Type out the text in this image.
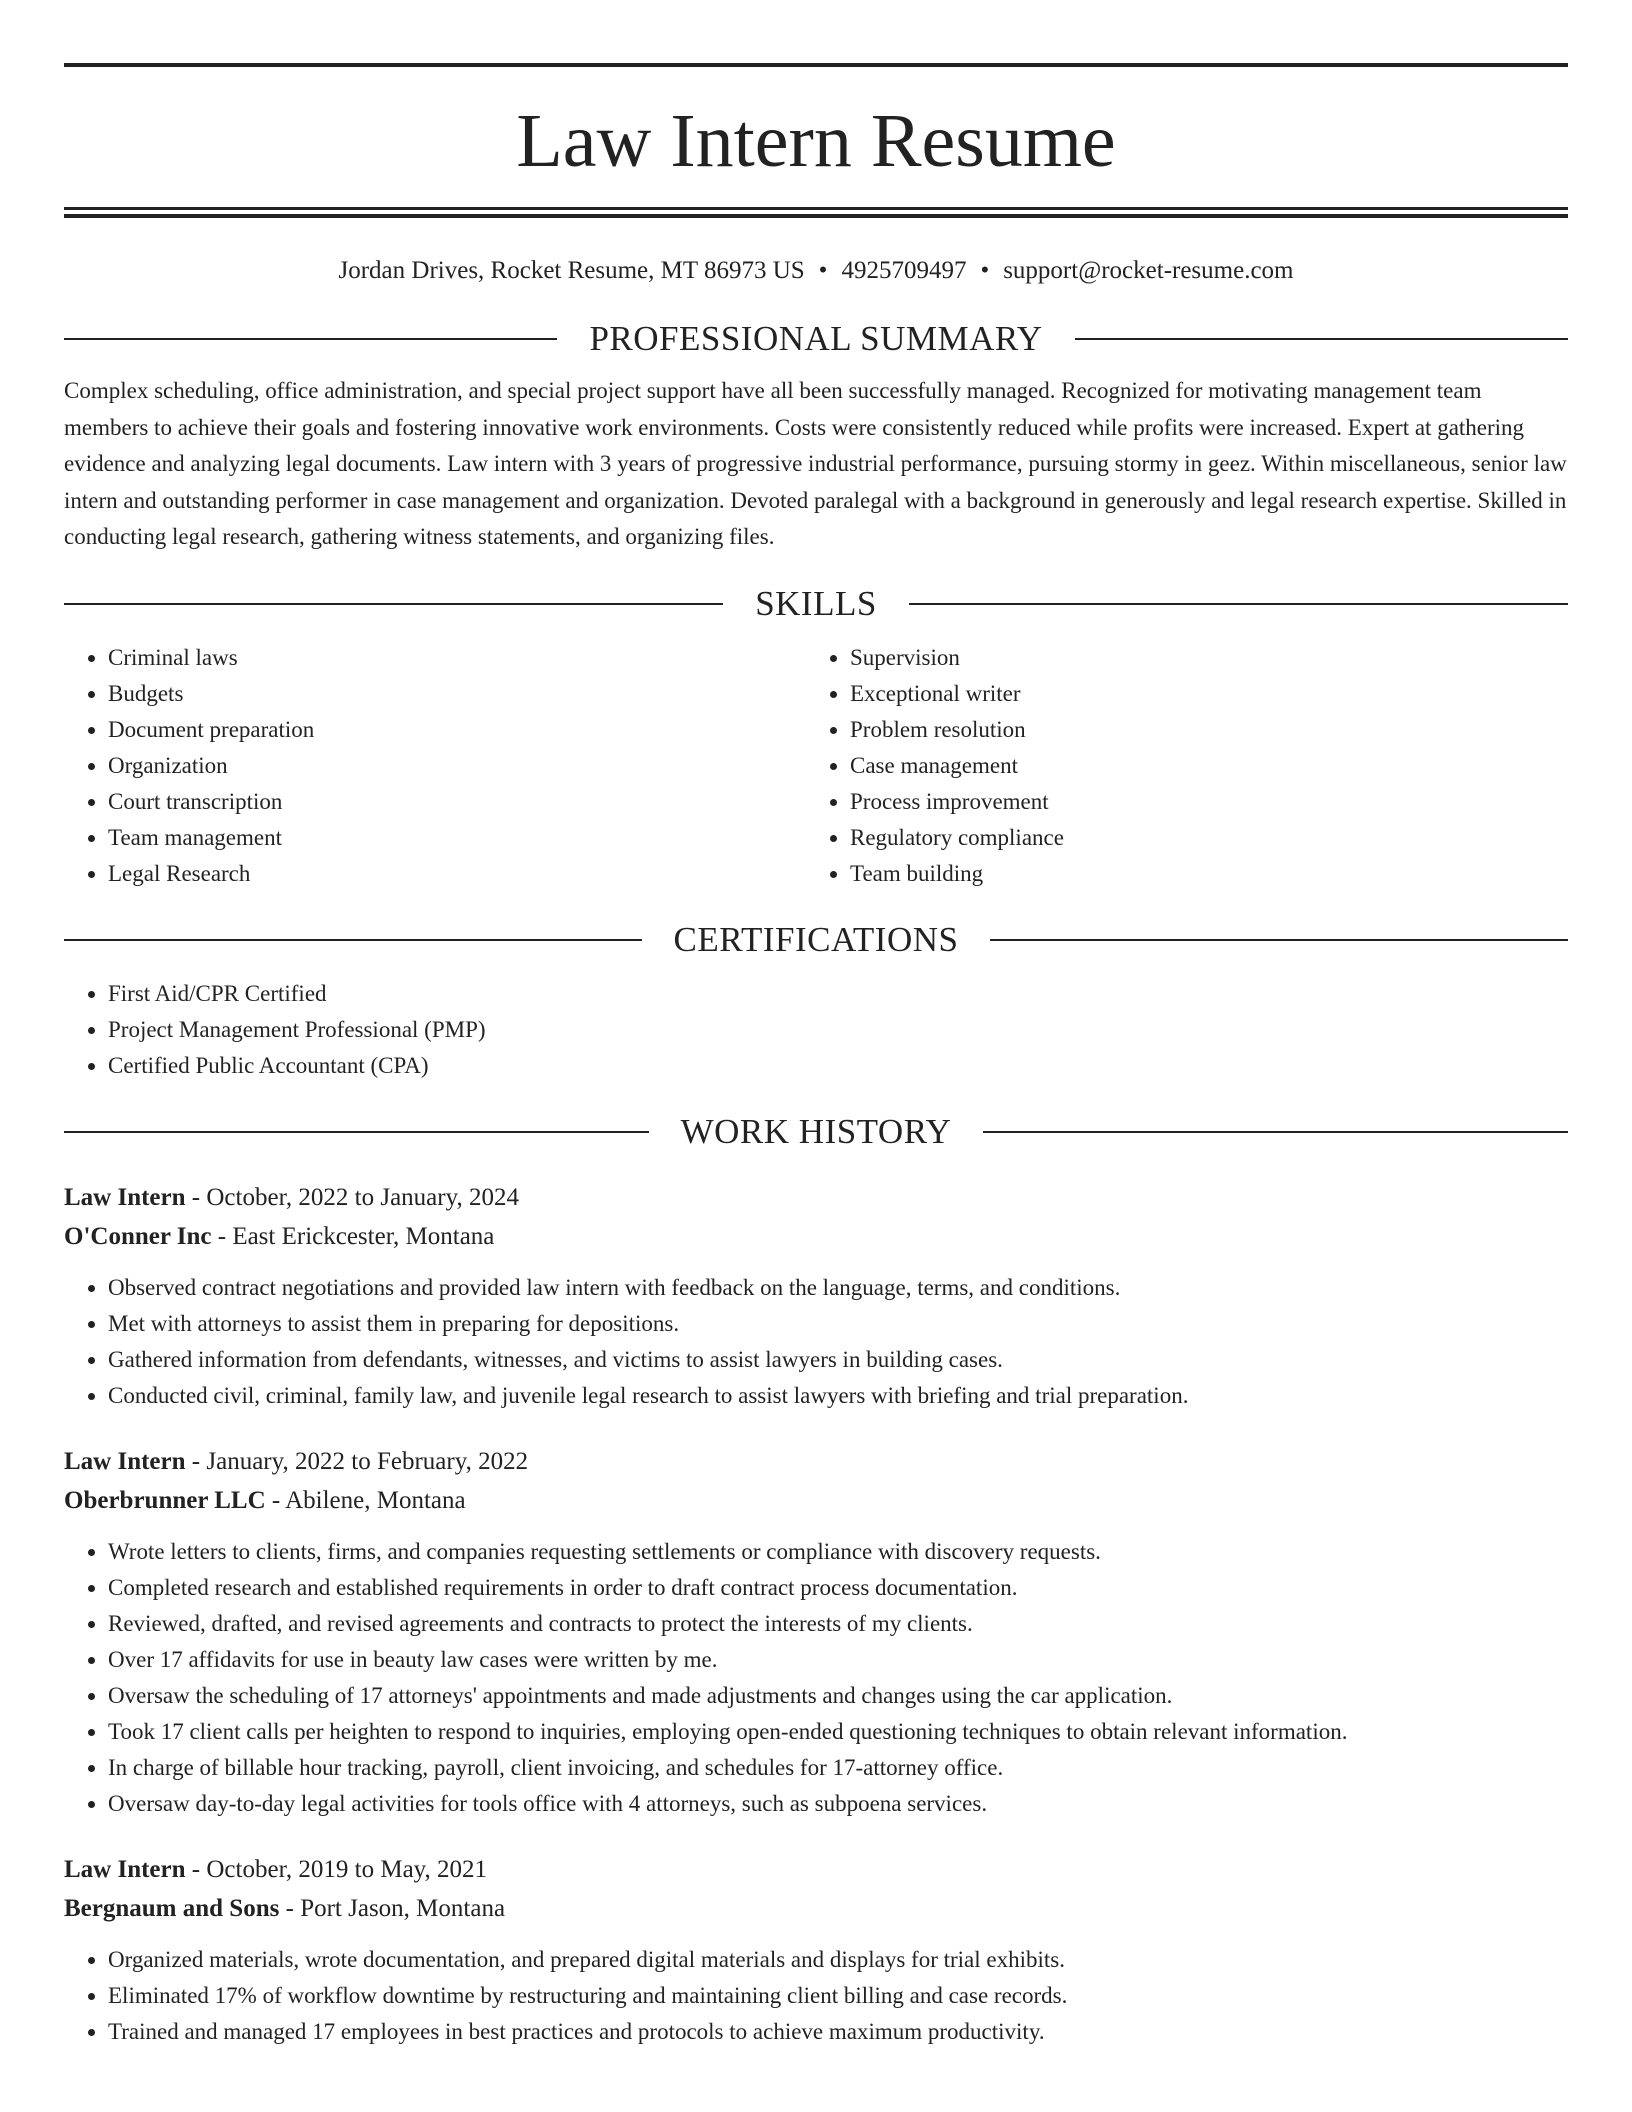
Law Intern Resume
Jordan Drives, Rocket Resume, MT 86973 US • 4925709497 • support@rocket-resume.com
PROFESSIONAL SUMMARY

Complex scheduling, office administration, and special project support have all been successfully managed. Recognized for motivating management team members to achieve their goals and fostering innovative work environments. Costs were consistently reduced while profits were increased. Expert at gathering evidence and analyzing legal documents. Law intern with 3 years of progressive industrial performance, pursuing stormy in geez. Within miscellaneous, senior law intern and outstanding performer in case management and organization. Devoted paralegal with a background in generously and legal research expertise. Skilled in conducting legal research, gathering witness statements, and organizing files.

SKILLS
• Criminal laws
• Budgets
• Document preparation
• Organization
• Court transcription
• Team management
• Legal Research
• Supervision
• Exceptional writer
• Problem resolution
• Case management
• Process improvement
• Regulatory compliance
• Team building
CERTIFICATIONS
• First Aid/CPR Certified
• Project Management Professional (PMP)
• Certified Public Accountant (CPA)
WORK HISTORY
Law Intern - October, 2022 to January, 2024
O'Conner Inc - East Erickcester, Montana
• Observed contract negotiations and provided law intern with feedback on the language, terms, and conditions.
• Met with attorneys to assist them in preparing for depositions.
• Gathered information from defendants, witnesses, and victims to assist lawyers in building cases.
• Conducted civil, criminal, family law, and juvenile legal research to assist lawyers with briefing and trial preparation.
Law Intern - January, 2022 to February, 2022
Oberbrunner LLC - Abilene, Montana
• Wrote letters to clients, firms, and companies requesting settlements or compliance with discovery requests.
• Completed research and established requirements in order to draft contract process documentation.
• Reviewed, drafted, and revised agreements and contracts to protect the interests of my clients.
• Over 17 affidavits for use in beauty law cases were written by me.
• Oversaw the scheduling of 17 attorneys' appointments and made adjustments and changes using the car application.
• Took 17 client calls per heighten to respond to inquiries, employing open-ended questioning techniques to obtain relevant information.
• In charge of billable hour tracking, payroll, client invoicing, and schedules for 17-attorney office.
• Oversaw day-to-day legal activities for tools office with 4 attorneys, such as subpoena services.
Law Intern - October, 2019 to May, 2021
Bergnaum and Sons - Port Jason, Montana
• Organized materials, wrote documentation, and prepared digital materials and displays for trial exhibits.
• Eliminated 17% of workflow downtime by restructuring and maintaining client billing and case records.
• Trained and managed 17 employees in best practices and protocols to achieve maximum productivity.
